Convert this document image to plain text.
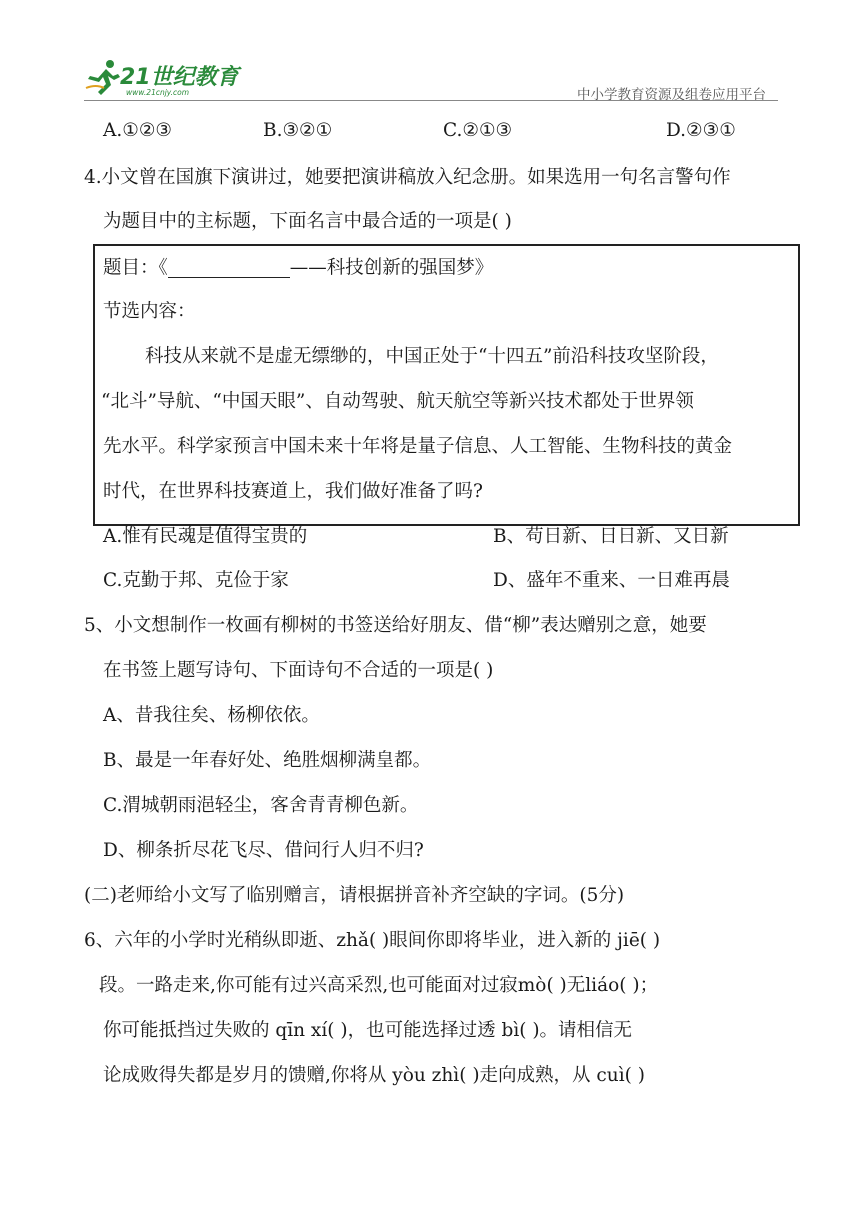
21世纪教育
www.21cnjy.com	中小学教育资源及组卷应用平台
A.①②③	B.③②①	C.②①③	D.②③①
4.小文曾在国旗下演讲过，她要把演讲稿放入纪念册。如果选用一句名言警句作
为题目中的主标题，下面名言中最合适的一项是( )
题目：《	——科技创新的强国梦》
节选内容：
科技从来就不是虚无缥缈的，中国正处于“十四五”前沿科技攻坚阶段，
“北斗”导航、“中国天眼”、自动驾驶、航天航空等新兴技术都处于世界领
先水平。科学家预言中国未来十年将是量子信息、人工智能、生物科技的黄金
时代，在世界科技赛道上，我们做好准备了吗?
A.惟有民魂是值得宝贵的	B、苟日新、日日新、又日新
C.克勤于邦、克俭于家	D、盛年不重来、一日难再晨
5、小文想制作一枚画有柳树的书签送给好朋友、借“柳”表达赠别之意，她要
在书签上题写诗句、下面诗句不合适的一项是( )
A、昔我往矣、杨柳依依。
B、最是一年春好处、绝胜烟柳满皇都。
C.渭城朝雨浥轻尘，客舍青青柳色新。
D、柳条折尽花飞尽、借问行人归不归?
(二)老师给小文写了临别赠言，请根据拼音补齐空缺的字词。(5分)
6、六年的小学时光稍纵即逝、zhǎ( )眼间你即将毕业，进入新的 jiē( )
段。一路走来,你可能有过兴高采烈,也可能面对过寂mò( )无liáo( )；
你可能抵挡过失败的 qīn xí( )，也可能选择过透 bì( )。请相信无
论成败得失都是岁月的馈赠,你将从 yòu zhì( )走向成熟，从 cuì( )
